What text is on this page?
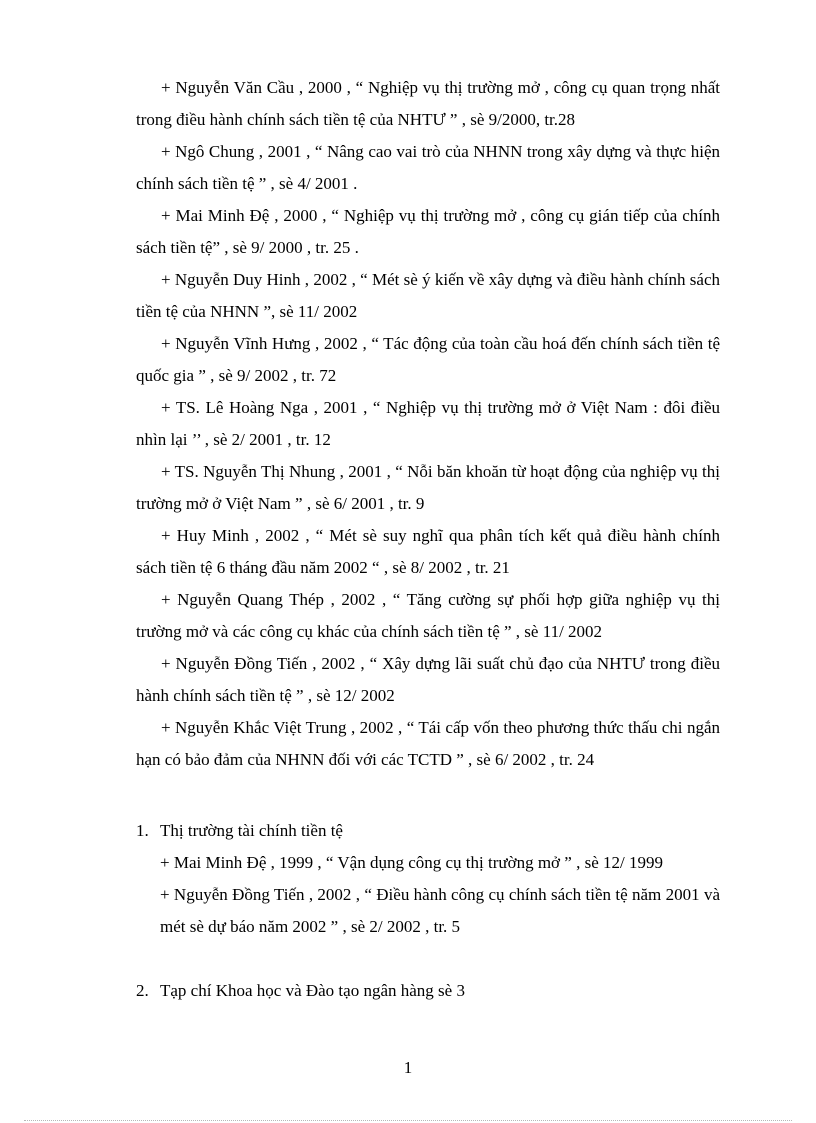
+ Nguyễn Văn Cầu , 2000 , “ Nghiệp vụ thị trường mở , công cụ quan trọng nhất trong điều hành chính sách tiền tệ của NHTƯ ” , sè 9/2000, tr.28

+ Ngô Chung , 2001 , “ Nâng cao vai trò của NHNN trong xây dựng và thực hiện chính sách tiền tệ ” , sè 4/ 2001 .

+ Mai Minh Đệ , 2000 , “ Nghiệp vụ thị trường mở , công cụ gián tiếp của chính sách tiền tệ” , sè 9/ 2000 , tr. 25 .

+ Nguyễn Duy Hinh , 2002 , “ Mét sè ý kiến về xây dựng và điều hành chính sách tiền tệ của NHNN ”, sè 11/ 2002

+ Nguyễn Vĩnh Hưng , 2002 , “ Tác động của toàn cầu hoá đến chính sách tiền tệ quốc gia ” , sè 9/ 2002 , tr. 72

+ TS. Lê Hoàng Nga , 2001 , “ Nghiệp vụ thị trường mở ở Việt Nam : đôi điều nhìn lại ’’ , sè 2/ 2001 , tr. 12

+ TS. Nguyễn Thị Nhung , 2001 , “ Nỗi băn khoăn từ hoạt động của nghiệp vụ thị trường mở ở Việt Nam ” , sè 6/ 2001 , tr. 9

+ Huy Minh , 2002 , “ Mét sè suy nghĩ qua phân tích kết quả điều hành chính sách tiền tệ 6 tháng đầu năm 2002 “ , sè 8/ 2002 , tr. 21

+ Nguyễn Quang Thép , 2002 , “ Tăng cường sự phối hợp giữa nghiệp vụ thị trường mở và các công cụ khác của chính sách tiền tệ ” , sè 11/ 2002

+ Nguyễn Đồng Tiến , 2002 , “ Xây dựng lãi suất chủ đạo của NHTƯ trong điều hành chính sách tiền tệ ” , sè 12/ 2002

+ Nguyễn Khắc Việt Trung , 2002 , “ Tái cấp vốn theo phương thức thấu chi ngắn hạn có bảo đảm của NHNN đối với các TCTD ” , sè 6/ 2002 , tr. 24

1. Thị trường tài chính tiền tệ

+ Mai Minh Đệ , 1999 , “ Vận dụng công cụ thị trường mở ” , sè 12/ 1999

+ Nguyễn Đồng Tiến , 2002 , “ Điều hành công cụ chính sách tiền tệ năm 2001 và mét sè dự báo năm 2002 ” , sè 2/ 2002 , tr. 5

2. Tạp chí Khoa học và Đào tạo ngân hàng sè 3
1
